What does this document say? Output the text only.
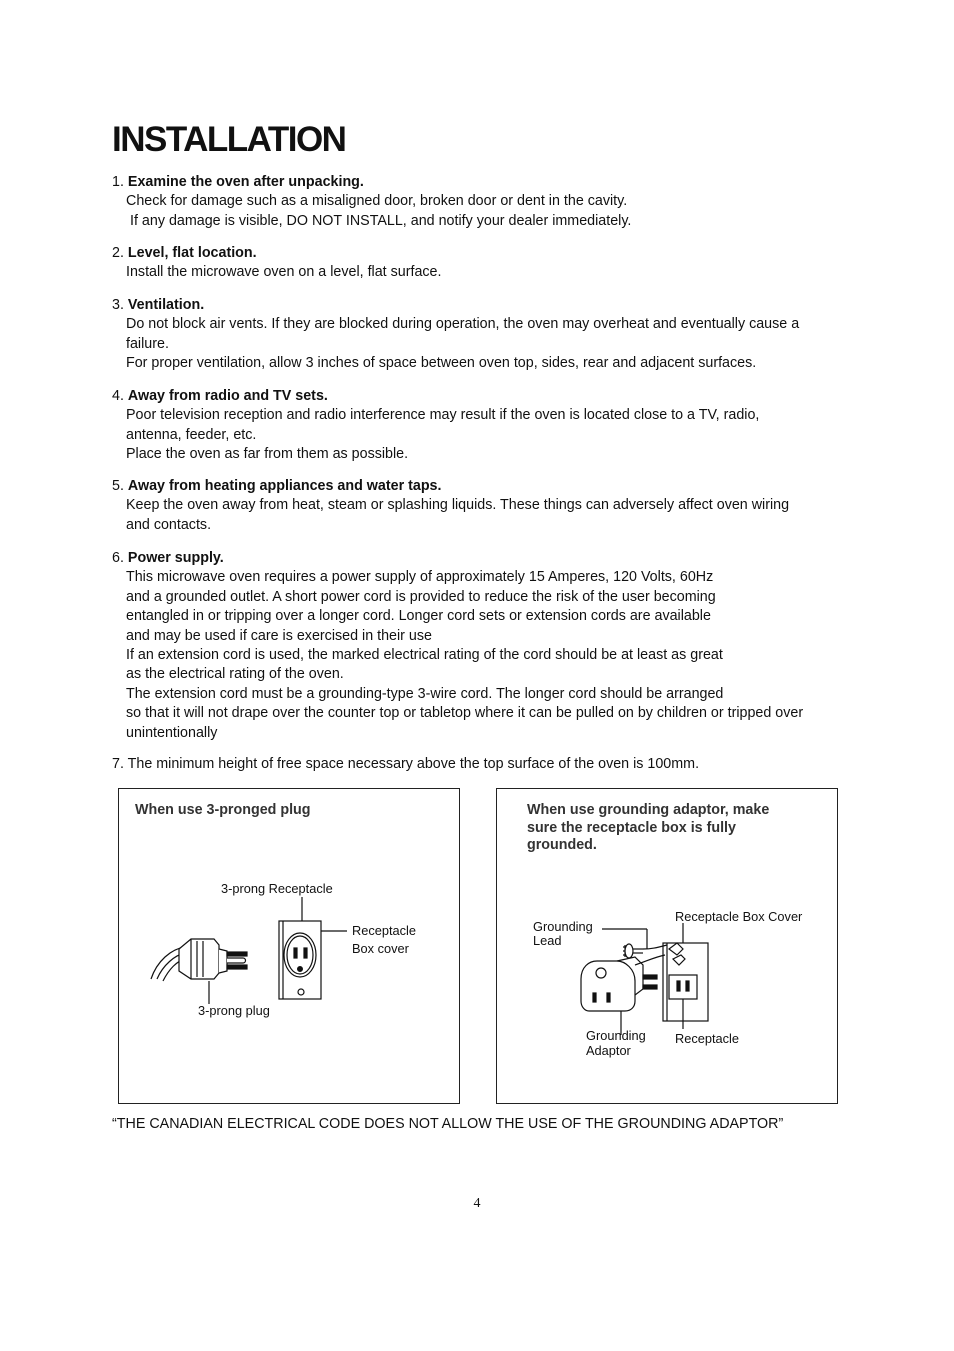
INSTALLATION

1. Examine the oven after unpacking.

Check for damage such as a misaligned door, broken door or dent in the cavity.

If any damage is visible, DO NOT INSTALL, and notify your dealer immediately.

2. Level, flat location.

Install the microwave oven on a level, flat surface.

3. Ventilation.

Do not block air vents. If they are blocked during operation, the oven may overheat and eventually cause a

failure.

For proper ventilation, allow 3 inches of space between oven top, sides, rear and adjacent surfaces.

4. Away from radio and TV sets.

Poor television reception and radio interference may result if the oven is located close to a TV, radio,

antenna, feeder, etc.

Place the oven as far from them as possible.

5. Away from heating appliances and water taps.

Keep the oven away from heat, steam or splashing liquids. These things can adversely affect oven wiring

and contacts.

6. Power supply.

This microwave oven requires a power supply of approximately 15 Amperes, 120 Volts, 60Hz

and a grounded outlet. A short power cord is provided to reduce the risk of the user becoming

entangled in or tripping over a longer cord. Longer cord sets or extension cords are available

and may be used if care is exercised in their use

If an extension cord is used, the marked electrical rating of the cord should be at least as great

as the electrical rating of the oven.

The extension cord must be a grounding-type 3-wire cord. The longer cord should be arranged

so that it will not drape over the counter top or tabletop where it can be pulled on by children or tripped over

unintentionally

7. The minimum height of free space necessary above the top surface of the oven is 100mm.

When use 3-pronged plug

3-prong Receptacle
Receptacle
Box cover
3-prong plug

When use grounding adaptor, make

sure the receptacle box is fully

grounded.

Grounding
Lead
Receptacle Box Cover
Grounding
Adaptor
Receptacle

“THE CANADIAN ELECTRICAL CODE DOES NOT ALLOW THE USE OF THE GROUNDING ADAPTOR”

4
